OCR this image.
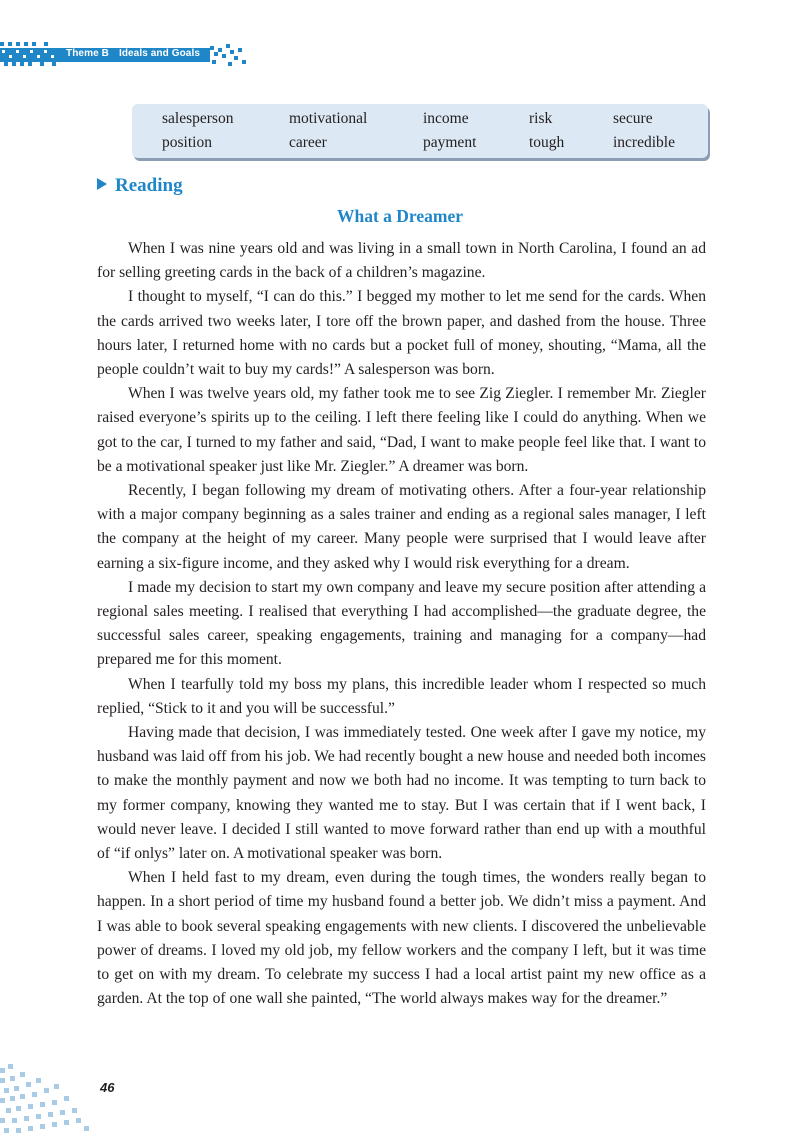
Theme B Ideals and Goals
salesperson	motivational	income	risk	secure
position	career	payment	tough	incredible
Reading
What a Dreamer

When I was nine years old and was living in a small town in North Carolina, I found an ad for selling greeting cards in the back of a children’s magazine.

I thought to myself, “I can do this.” I begged my mother to let me send for the cards. When the cards arrived two weeks later, I tore off the brown paper, and dashed from the house. Three hours later, I returned home with no cards but a pocket full of money, shouting, “Mama, all the people couldn’t wait to buy my cards!” A salesperson was born.

When I was twelve years old, my father took me to see Zig Ziegler. I remember Mr. Ziegler raised everyone’s spirits up to the ceiling. I left there feeling like I could do anything. When we got to the car, I turned to my father and said, “Dad, I want to make people feel like that. I want to be a motivational speaker just like Mr. Ziegler.” A dreamer was born.

Recently, I began following my dream of motivating others. After a four-year relationship with a major company beginning as a sales trainer and ending as a regional sales manager, I left the company at the height of my career. Many people were surprised that I would leave after earning a six-figure income, and they asked why I would risk everything for a dream.

I made my decision to start my own company and leave my secure position after attending a regional sales meeting. I realised that everything I had accomplished—the graduate degree, the successful sales career, speaking engagements, training and managing for a company—had prepared me for this moment.

When I tearfully told my boss my plans, this incredible leader whom I respected so much replied, “Stick to it and you will be successful.”

Having made that decision, I was immediately tested. One week after I gave my notice, my husband was laid off from his job. We had recently bought a new house and needed both incomes to make the monthly payment and now we both had no income. It was tempting to turn back to my former company, knowing they wanted me to stay. But I was certain that if I went back, I would never leave. I decided I still wanted to move forward rather than end up with a mouthful of “if onlys” later on. A motivational speaker was born.

When I held fast to my dream, even during the tough times, the wonders really began to happen. In a short period of time my husband found a better job. We didn’t miss a payment. And I was able to book several speaking engagements with new clients. I discovered the unbelievable power of dreams. I loved my old job, my fellow workers and the company I left, but it was time to get on with my dream. To celebrate my success I had a local artist paint my new office as a garden. At the top of one wall she painted, “The world always makes way for the dreamer.”

46
